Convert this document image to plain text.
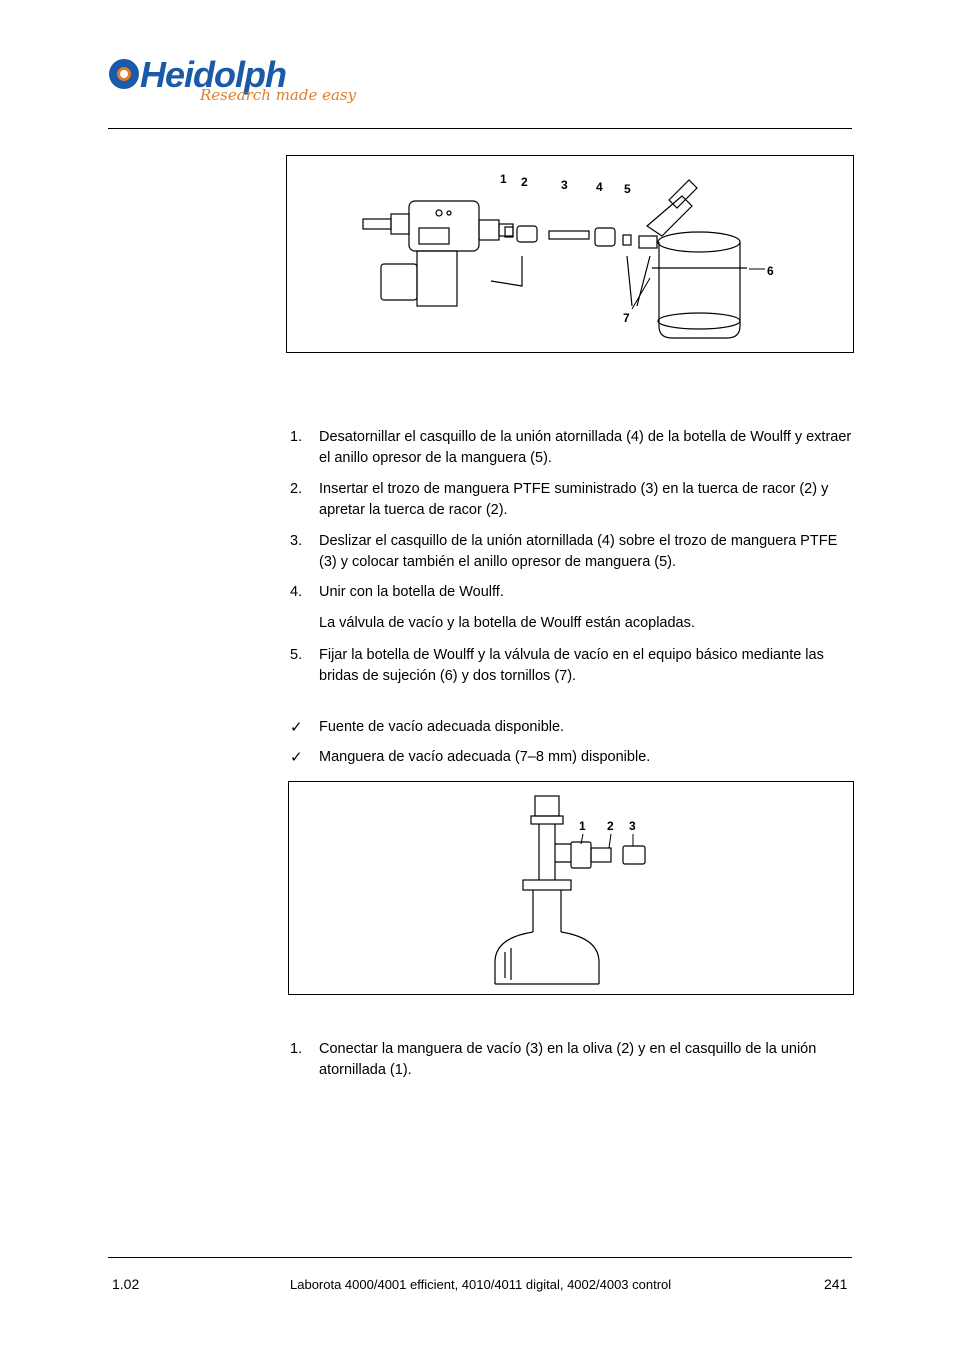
Heidolph
Research made easy
1 2	3 4 5
6
7
1. Desatornillar el casquillo de la unión atornillada (4) de la botella de Woulff y extraer el anillo opresor de la manguera (5).
2. Insertar el trozo de manguera PTFE suministrado (3) en la tuerca de racor (2) y apretar la tuerca de racor (2).
3. Deslizar el casquillo de la unión atornillada (4) sobre el trozo de manguera PTFE (3) y colocar también el anillo opresor de manguera (5).
4. Unir con la botella de Woulff.
La válvula de vacío y la botella de Woulff están acopladas.
5. Fijar la botella de Woulff y la válvula de vacío en el equipo básico mediante las bridas de sujeción (6) y dos tornillos (7).
✓ Fuente de vacío adecuada disponible.
✓ Manguera de vacío adecuada (7–8 mm) disponible.
1 2 3
1. Conectar la manguera de vacío (3) en la oliva (2) y en el casquillo de la unión atornillada (1).
1.02	Laborota 4000/4001 efficient, 4010/4011 digital, 4002/4003 control	241
